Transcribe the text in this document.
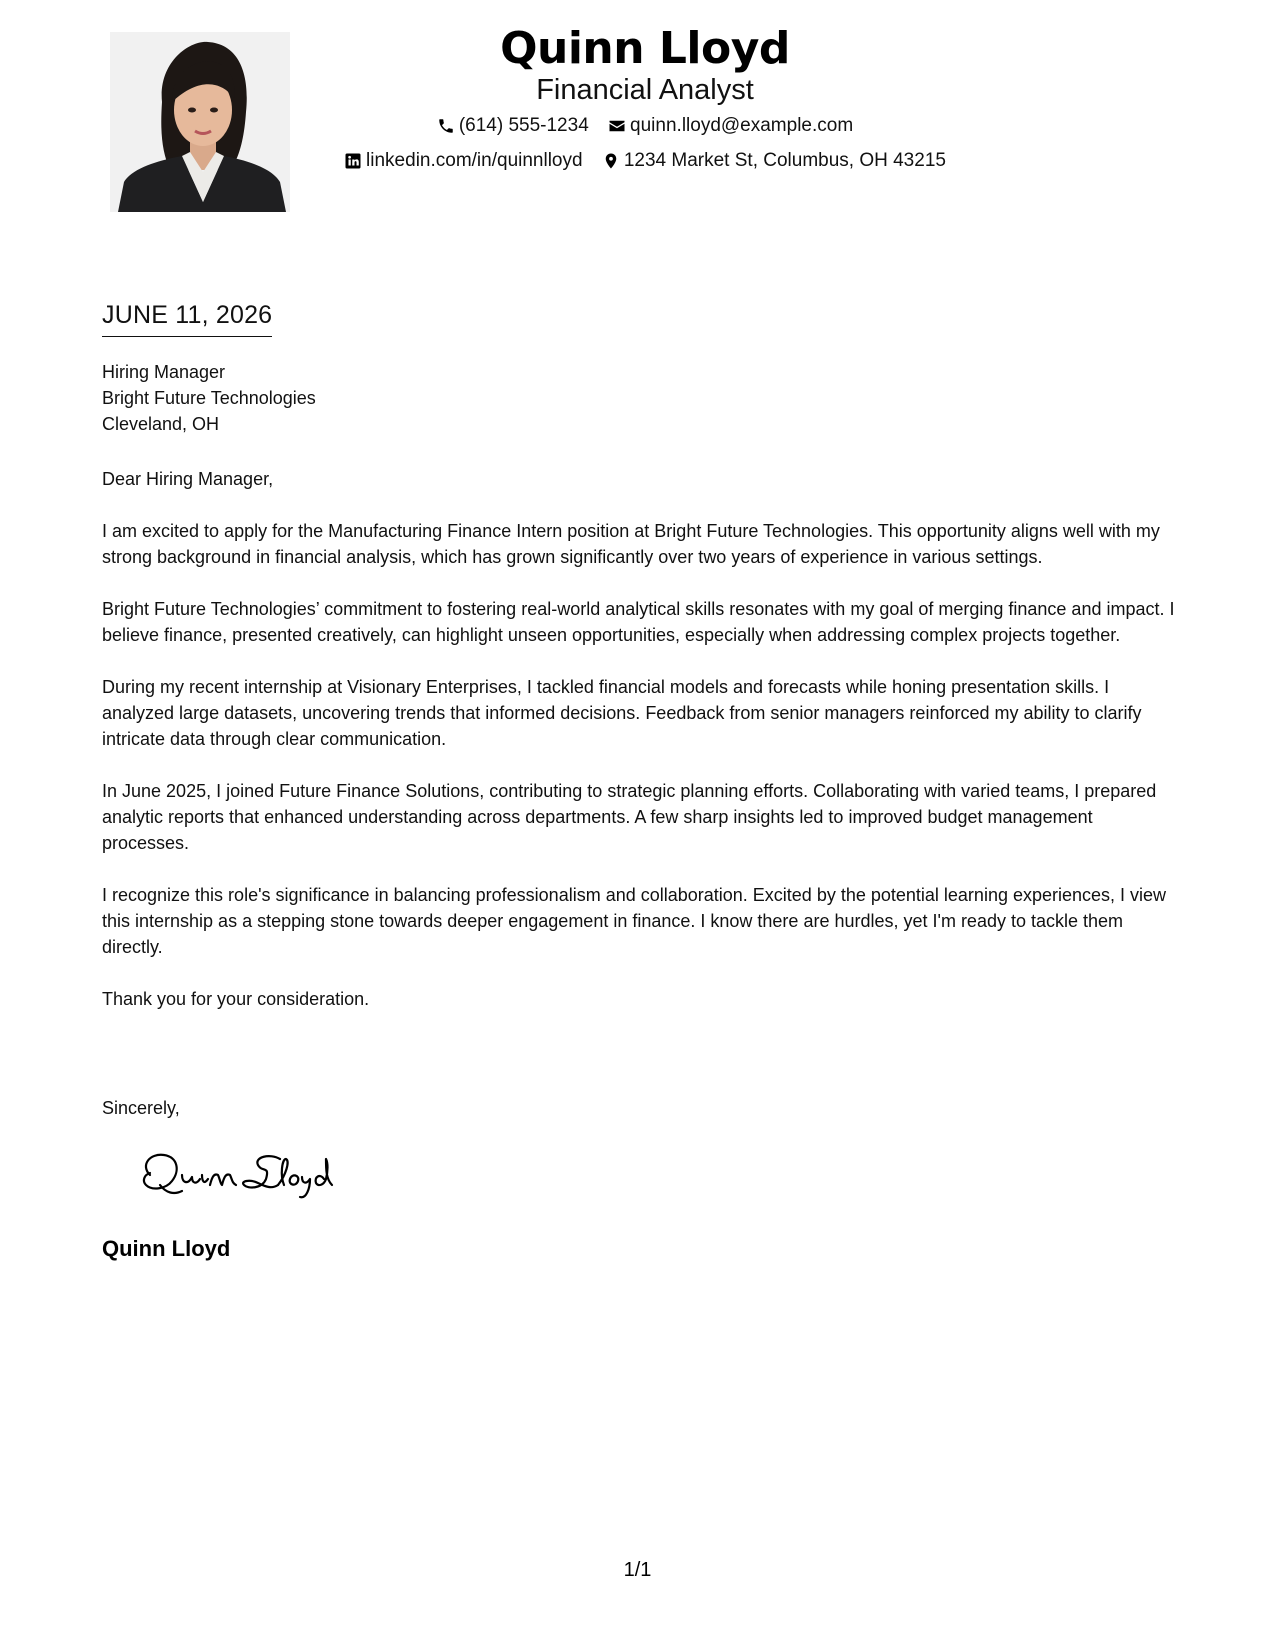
Quinn Lloyd
Financial Analyst
(614) 555-1234
quinn.lloyd@example.com
linkedin.com/in/quinnlloyd
1234 Market St, Columbus, OH 43215
JUNE 11, 2026
Hiring Manager
Bright Future Technologies
Cleveland, OH

Dear Hiring Manager,

I am excited to apply for the Manufacturing Finance Intern position at Bright Future Technologies. This opportunity aligns well with my strong background in financial analysis, which has grown significantly over two years of experience in various settings.

Bright Future Technologies’ commitment to fostering real-world analytical skills resonates with my goal of merging finance and impact. I believe finance, presented creatively, can highlight unseen opportunities, especially when addressing complex projects together.

During my recent internship at Visionary Enterprises, I tackled financial models and forecasts while honing presentation skills. I analyzed large datasets, uncovering trends that informed decisions. Feedback from senior managers reinforced my ability to clarify intricate data through clear communication.

In June 2025, I joined Future Finance Solutions, contributing to strategic planning efforts. Collaborating with varied teams, I prepared analytic reports that enhanced understanding across departments. A few sharp insights led to improved budget management processes.

I recognize this role's significance in balancing professionalism and collaboration. Excited by the potential learning experiences, I view this internship as a stepping stone towards deeper engagement in finance. I know there are hurdles, yet I'm ready to tackle them directly.

Thank you for your consideration.

Sincerely,
Quinn Lloyd
1/1
